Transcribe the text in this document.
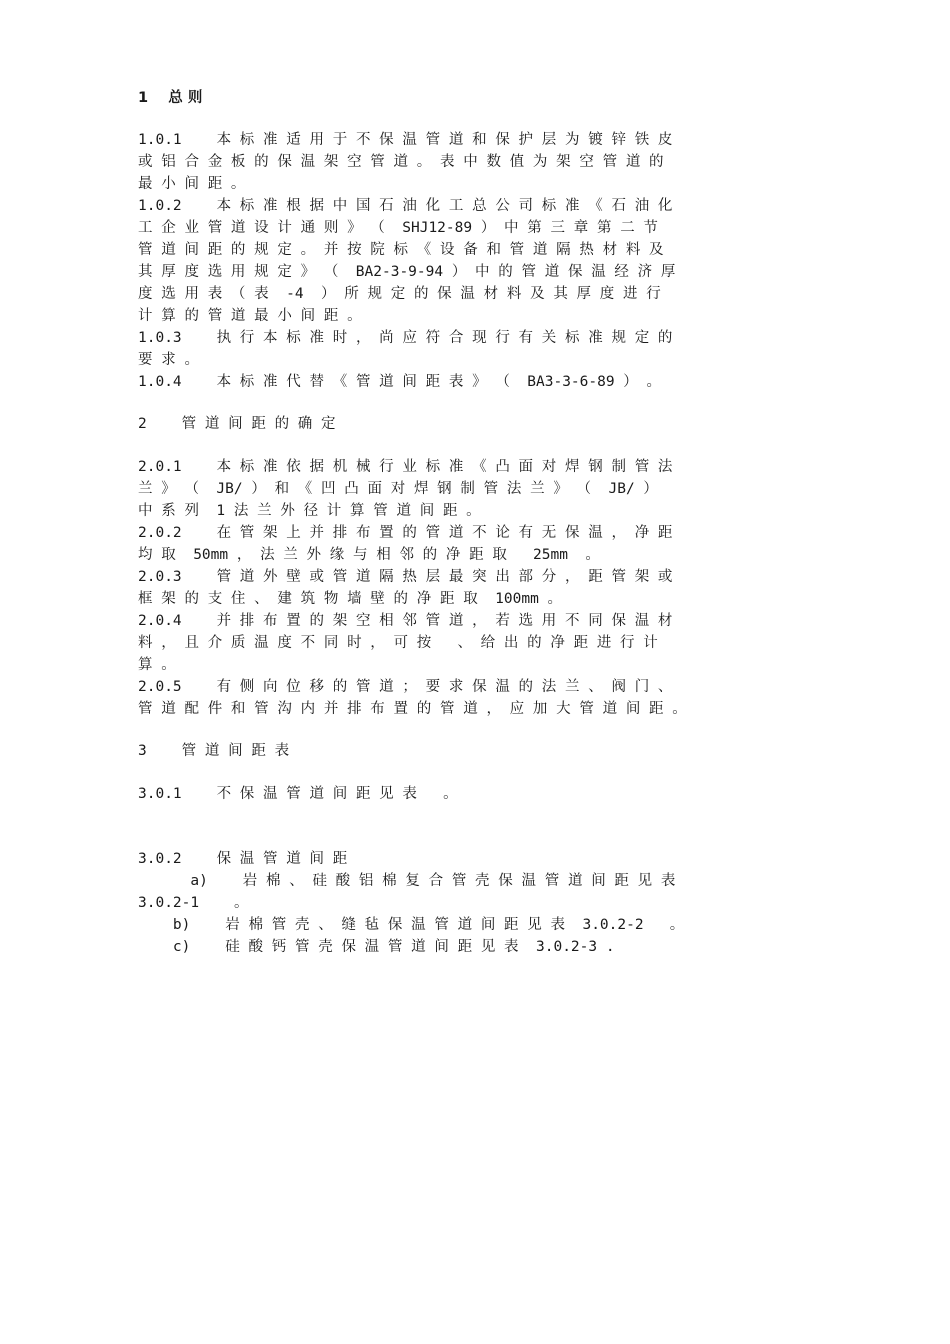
1    总 则
1.0.1    本 标 准 适 用 于 不 保 温 管 道 和 保 护 层 为 镀 锌 铁 皮
或 铝 合 金 板 的 保 温 架 空 管 道 。 表 中 数 值 为 架 空 管 道 的
最 小 间 距 。
1.0.2    本 标 准 根 据 中 国 石 油 化 工 总 公 司 标 准 《 石 油 化
工 企 业 管 道 设 计 通 则 》 （  SHJ12-89 ） 中 第 三 章 第 二 节
管 道 间 距 的 规 定 。 并 按 院 标 《 设 备 和 管 道 隔 热 材 料 及
其 厚 度 选 用 规 定 》 （  BA2-3-9-94 ） 中 的 管 道 保 温 经 济 厚
度 选 用 表 （ 表  -4  ） 所 规 定 的 保 温 材 料 及 其 厚 度 进 行
计 算 的 管 道 最 小 间 距 。
1.0.3    执 行 本 标 准 时 ， 尚 应 符 合 现 行 有 关 标 准 规 定 的
要 求 。
1.0.4    本 标 准 代 替 《 管 道 间 距 表 》 （  BA3-3-6-89 ） 。
2    管 道 间 距 的 确 定
2.0.1    本 标 准 依 据 机 械 行 业 标 准 《 凸 面 对 焊 钢 制 管 法
兰 》 （  JB/ ） 和 《 凹 凸 面 对 焊 钢 制 管 法 兰 》 （  JB/ ）
中 系 列  1 法 兰 外 径 计 算 管 道 间 距 。
2.0.2    在 管 架 上 并 排 布 置 的 管 道 不 论 有 无 保 温 ， 净 距
均 取  50mm ， 法 兰 外 缘 与 相 邻 的 净 距 取   25mm  。
2.0.3    管 道 外 壁 或 管 道 隔 热 层 最 突 出 部 分 ， 距 管 架 或
框 架 的 支 住 、 建 筑 物 墙 壁 的 净 距 取  100mm 。
2.0.4    并 排 布 置 的 架 空 相 邻 管 道 ， 若 选 用 不 同 保 温 材
料 ， 且 介 质 温 度 不 同 时 ， 可 按   、 给 出 的 净 距 进 行 计
算 。
2.0.5    有 侧 向 位 移 的 管 道 ； 要 求 保 温 的 法 兰 、 阀 门 、
管 道 配 件 和 管 沟 内 并 排 布 置 的 管 道 ， 应 加 大 管 道 间 距 。
3    管 道 间 距 表
3.0.1    不 保 温 管 道 间 距 见 表   。
3.0.2    保 温 管 道 间 距
a)    岩 棉 、 硅 酸 铝 棉 复 合 管 壳 保 温 管 道 间 距 见 表
3.0.2-1    。
b)    岩 棉 管 壳 、 缝 毡 保 温 管 道 间 距 见 表  3.0.2-2   。
c)    硅 酸 钙 管 壳 保 温 管 道 间 距 见 表  3.0.2-3 .
